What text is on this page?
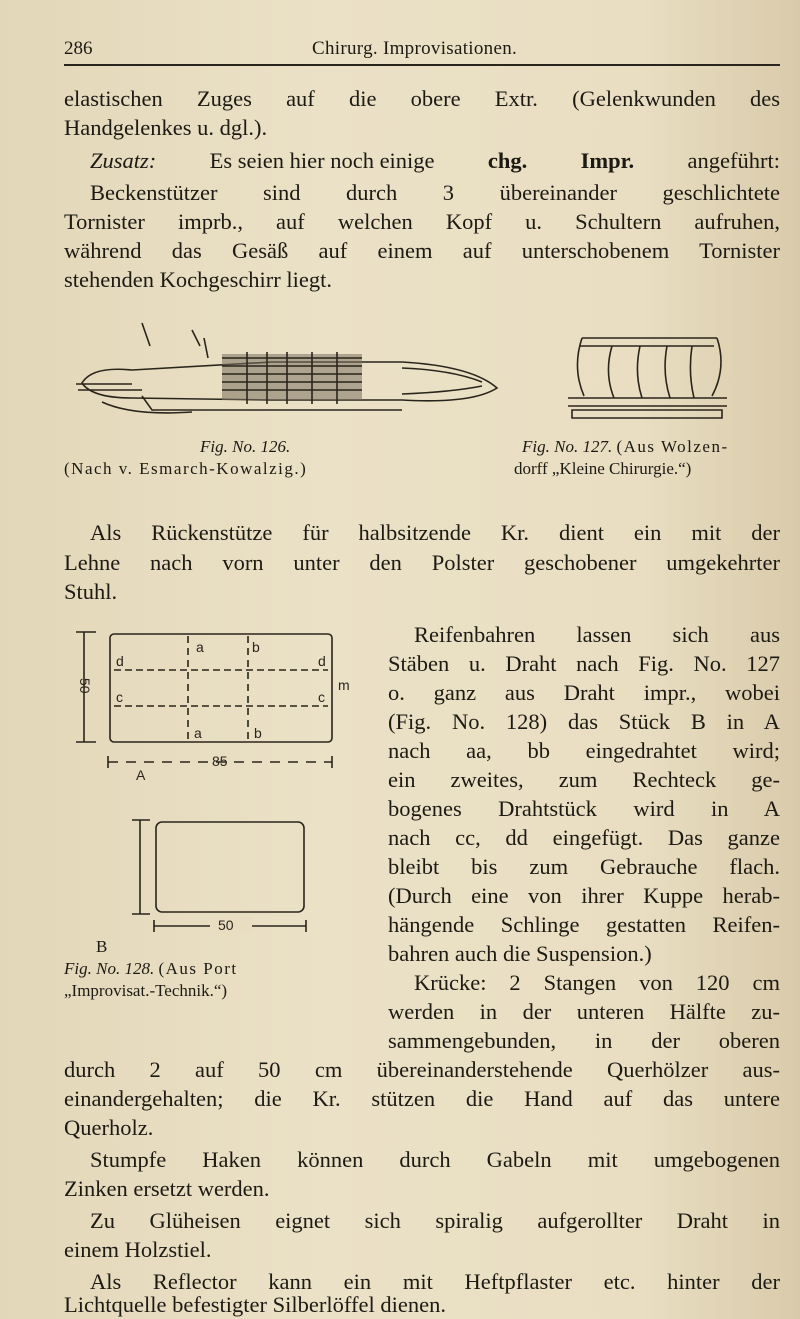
286	Chirurg. Improvisationen.
elastischen Zuges auf die obere Extr. (Gelenkwunden des
Handgelenkes u. dgl.).
Zusatz: Es seien hier noch einige chg. Impr. angeführt:
Beckenstützer sind durch 3 übereinander geschlichtete
Tornister imprb., auf welchen Kopf u. Schultern aufruhen,
während das Gesäß auf einem auf unterschobenem Tornister
stehenden Kochgeschirr liegt.
Fig. No. 126.
(Nach v. Esmarch-Kowalzig.)
Fig. No. 127. (Aus Wolzen-
dorff „Kleine Chirurgie.“)
Als Rückenstütze für halbsitzende Kr. dient ein mit der
Lehne nach vorn unter den Polster geschobener umgekehrter
Stuhl.
a	b
d	d
c	c
a	b
m
50
85
A
50
B
Fig. No. 128. (Aus Port
„Improvisat.-Technik.“)
Reifenbahren lassen sich aus
Stäben u. Draht nach Fig. No. 127
o. ganz aus Draht impr., wobei
(Fig. No. 128) das Stück B in A
nach aa, bb eingedrahtet wird;
ein zweites, zum Rechteck ge-
bogenes Drahtstück wird in A
nach cc, dd eingefügt. Das ganze
bleibt bis zum Gebrauche flach.
(Durch eine von ihrer Kuppe herab-
hängende Schlinge gestatten Reifen-
bahren auch die Suspension.)
Krücke: 2 Stangen von 120 cm
werden in der unteren Hälfte zu-
sammengebunden, in der oberen
durch 2 auf 50 cm übereinanderstehende Querhölzer aus-
einandergehalten; die Kr. stützen die Hand auf das untere
Querholz.
Stumpfe Haken können durch Gabeln mit umgebogenen
Zinken ersetzt werden.
Zu Glüheisen eignet sich spiralig aufgerollter Draht in
einem Holzstiel.
Als Reflector kann ein mit Heftpflaster etc. hinter der
Lichtquelle befestigter Silberlöffel dienen.
